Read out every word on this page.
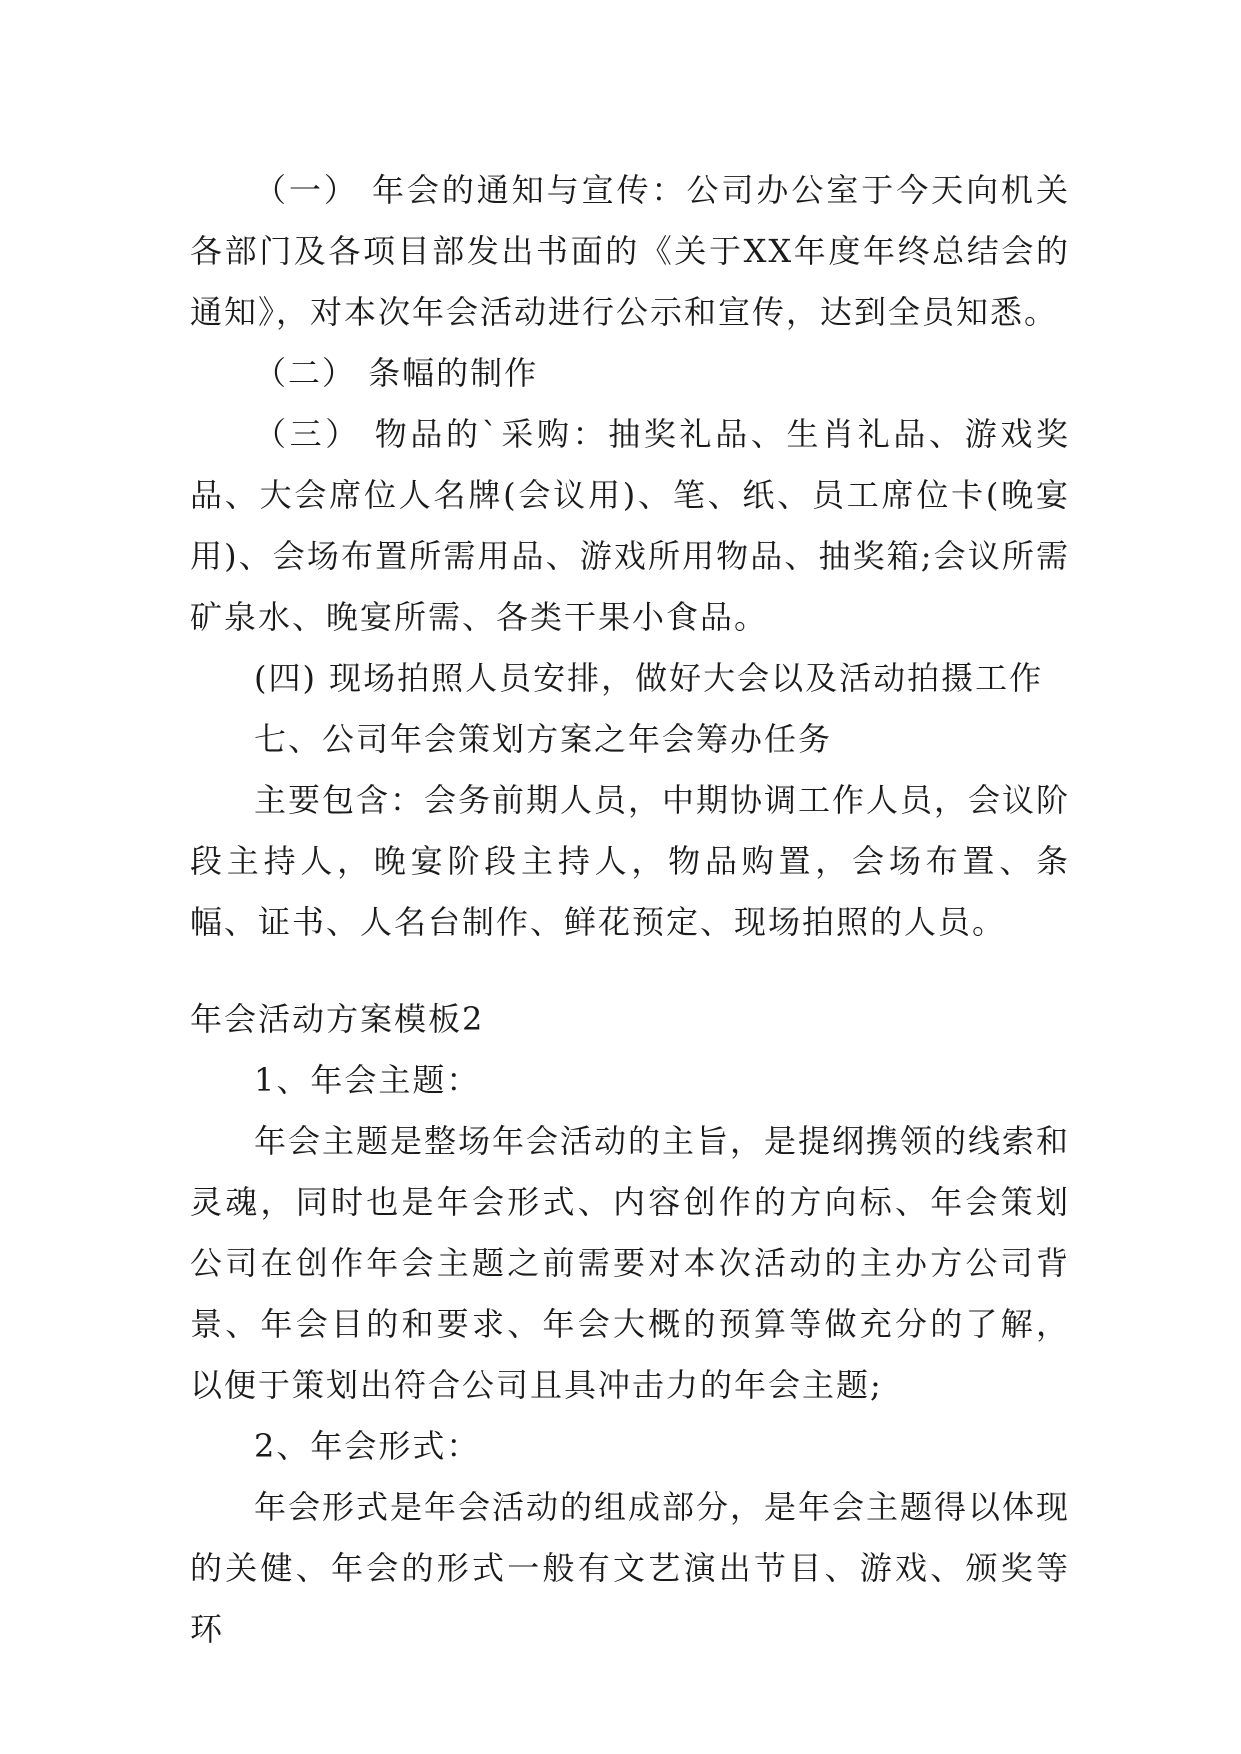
（一） 年会的通知与宣传：公司办公室于今天向机关各部门及各项目部发出书面的《关于XX年度年终总结会的通知》，对本次年会活动进行公示和宣传，达到全员知悉。

（二） 条幅的制作

（三） 物品的`采购：抽奖礼品、生肖礼品、游戏奖品、大会席位人名牌(会议用)、笔、纸、员工席位卡(晚宴用)、会场布置所需用品、游戏所用物品、抽奖箱;会议所需矿泉水、晚宴所需、各类干果小食品。

(四) 现场拍照人员安排，做好大会以及活动拍摄工作

七、公司年会策划方案之年会筹办任务

主要包含：会务前期人员，中期协调工作人员，会议阶段主持人，晚宴阶段主持人，物品购置，会场布置、条幅、证书、人名台制作、鲜花预定、现场拍照的人员。

年会活动方案模板2

1、年会主题：

年会主题是整场年会活动的主旨，是提纲携领的线索和灵魂，同时也是年会形式、内容创作的方向标、年会策划公司在创作年会主题之前需要对本次活动的主办方公司背景、年会目的和要求、年会大概的预算等做充分的了解，以便于策划出符合公司且具冲击力的年会主题;

2、年会形式：

年会形式是年会活动的组成部分，是年会主题得以体现的关健、年会的形式一般有文艺演出节目、游戏、颁奖等环
